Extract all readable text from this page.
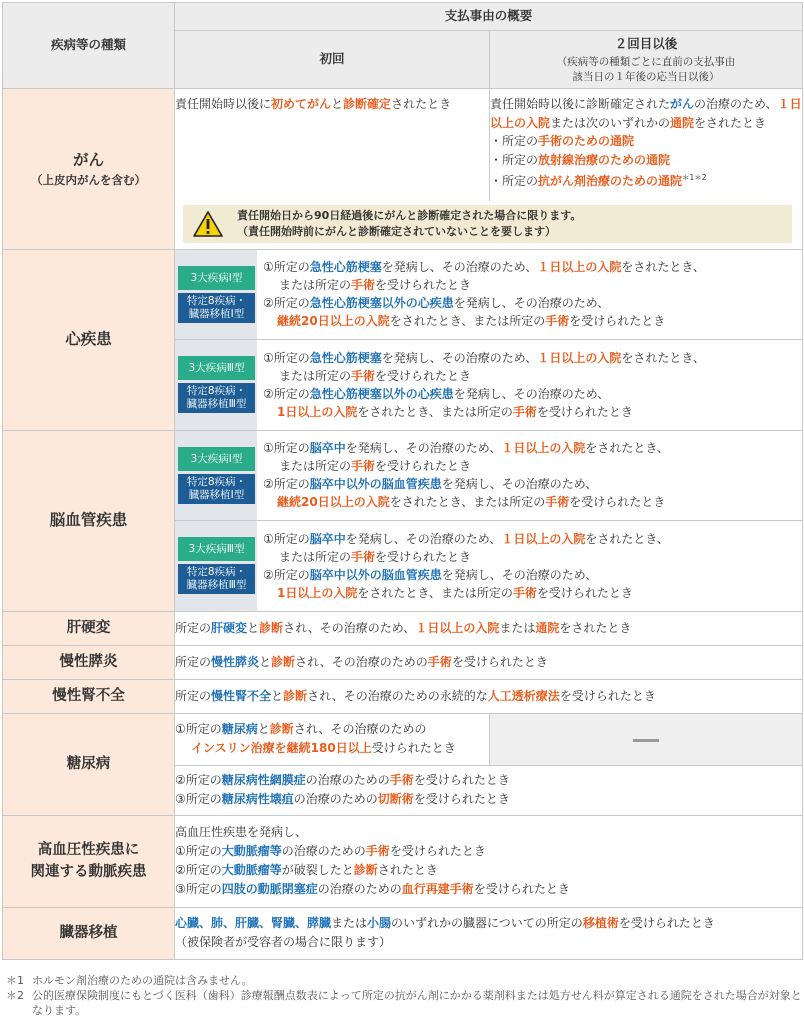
疾病等の種類	支払事由の概要
初回	２回目以後
（疾病等の種類ごとに直前の支払事由
該当日の１年後の応当日以後）

がん
（上皮内がんを含む）
	責任開始時以後に初めてがんと診断確定されたとき	責任開始時以後に診断確定されたがんの治療のため、１日以上の入院または次のいずれかの通院をされたとき
・所定の手術のための通院
・所定の放射線治療のための通院
・所定の抗がん剤治療のための通院$^{*1*2}$

責任開始日から90日経過後にがんと診断確定された場合に限ります。
（責任開始時前にがんと診断確定されていないことを要します）

心疾患	
3大疾病Ⅰ型
特定8疾病・
臓器移植Ⅰ型
	①所定の急性心筋梗塞を発病し、その治療のため、１日以上の入院をされたとき、
または所定の手術を受けられたとき
②所定の急性心筋梗塞以外の心疾患を発病し、その治療のため、
継続20日以上の入院をされたとき、または所定の手術を受けられたとき

3大疾病Ⅲ型
特定8疾病・
臓器移植Ⅲ型
	①所定の急性心筋梗塞を発病し、その治療のため、１日以上の入院をされたとき、
または所定の手術を受けられたとき
②所定の急性心筋梗塞以外の心疾患を発病し、その治療のため、
1日以上の入院をされたとき、または所定の手術を受けられたとき

脳血管疾患	
3大疾病Ⅰ型
特定8疾病・
臓器移植Ⅰ型
	①所定の脳卒中を発病し、その治療のため、１日以上の入院をされたとき、
または所定の手術を受けられたとき
②所定の脳卒中以外の脳血管疾患を発病し、その治療のため、
継続20日以上の入院をされたとき、または所定の手術を受けられたとき

3大疾病Ⅲ型
特定8疾病・
臓器移植Ⅲ型
	①所定の脳卒中を発病し、その治療のため、１日以上の入院をされたとき、
または所定の手術を受けられたとき
②所定の脳卒中以外の脳血管疾患を発病し、その治療のため、
1日以上の入院をされたとき、または所定の手術を受けられたとき

肝硬変	所定の肝硬変と診断され、その治療のため、１日以上の入院または通院をされたとき
慢性膵炎	所定の慢性膵炎と診断され、その治療のための手術を受けられたとき
慢性腎不全	所定の慢性腎不全と診断され、その治療のための永続的な人工透析療法を受けられたとき
糖尿病	①所定の糖尿病と診断され、その治療のための
インスリン治療を継続180日以上受けられたとき	
②所定の糖尿病性網膜症の治療のための手術を受けられたとき
③所定の糖尿病性壊疽の治療のための切断術を受けられたとき
高血圧性疾患に
関連する動脈疾患	高血圧性疾患を発病し、
①所定の大動脈瘤等の治療のための手術を受けられたとき
②所定の大動脈瘤等が破裂したと診断されたとき
③所定の四肢の動脈閉塞症の治療のための血行再建手術を受けられたとき
臓器移植	心臓、肺、肝臓、腎臓、膵臓または小腸のいずれかの臓器についての所定の移植術を受けられたとき
（被保険者が受容者の場合に限ります）
＊1 ホルモン剤治療のための通院は含みません。
＊2 公的医療保険制度にもとづく医科（歯科）診療報酬点数表によって所定の抗がん剤にかかる薬剤料または処方せん料が算定される通院をされた場合が対象となります。
